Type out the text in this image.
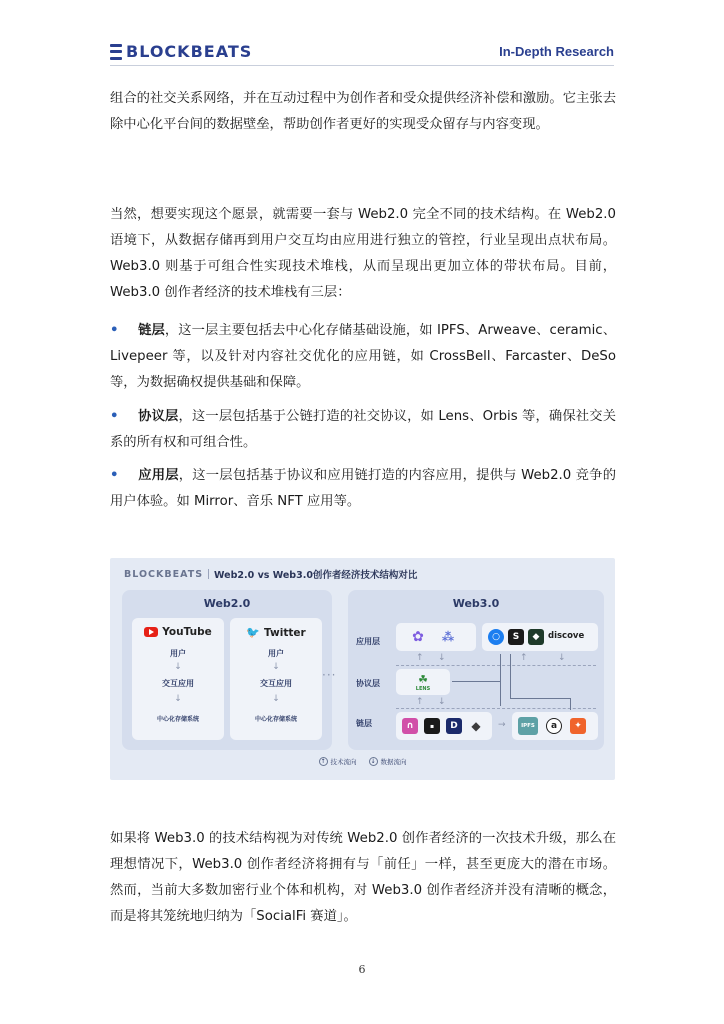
BLOCKBEATS	In-Depth Research

组合的社交关系网络，并在互动过程中为创作者和受众提供经济补偿和激励。它主张去除中心化平台间的数据壁垒，帮助创作者更好的实现受众留存与内容变现。

当然，想要实现这个愿景，就需要一套与 Web2.0 完全不同的技术结构。在 Web2.0 语境下，从数据存储再到用户交互均由应用进行独立的管控，行业呈现出点状布局。Web3.0 则基于可组合性实现技术堆栈，从而呈现出更加立体的带状布局。目前，Web3.0 创作者经济的技术堆栈有三层：

• 链层，这一层主要包括去中心化存储基础设施，如 IPFS、Arweave、ceramic、Livepeer 等，以及针对内容社交优化的应用链，如 CrossBell、Farcaster、DeSo 等，为数据确权提供基础和保障。
• 协议层，这一层包括基于公链打造的社交协议，如 Lens、Orbis 等，确保社交关系的所有权和可组合性。
• 应用层，这一层包括基于协议和应用链打造的内容应用，提供与 Web2.0 竞争的用户体验。如 Mirror、音乐 NFT 应用等。
BLOCKBEATS Web2.0 vs Web3.0创作者经济技术结构对比
Web2.0
YouTube
用户
↓
交互应用
↓
中心化存储系统
🐦 Twitter
用户
↓
交互应用
↓
中心化存储系统
···
Web3.0
应用层
协议层
链层
✿ ⁂	○	S	◆	discove
↑ ↓
☘
LENS
↑ ↓
↑	↓
∩	▪	D	◆	→	IPFS	a	✦
↑ 技术流向	↓ 数据流向

如果将 Web3.0 的技术结构视为对传统 Web2.0 创作者经济的一次技术升级，那么在理想情况下，Web3.0 创作者经济将拥有与「前任」一样，甚至更庞大的潜在市场。然而，当前大多数加密行业个体和机构，对 Web3.0 创作者经济并没有清晰的概念，而是将其笼统地归纳为「SocialFi 赛道」。

6
